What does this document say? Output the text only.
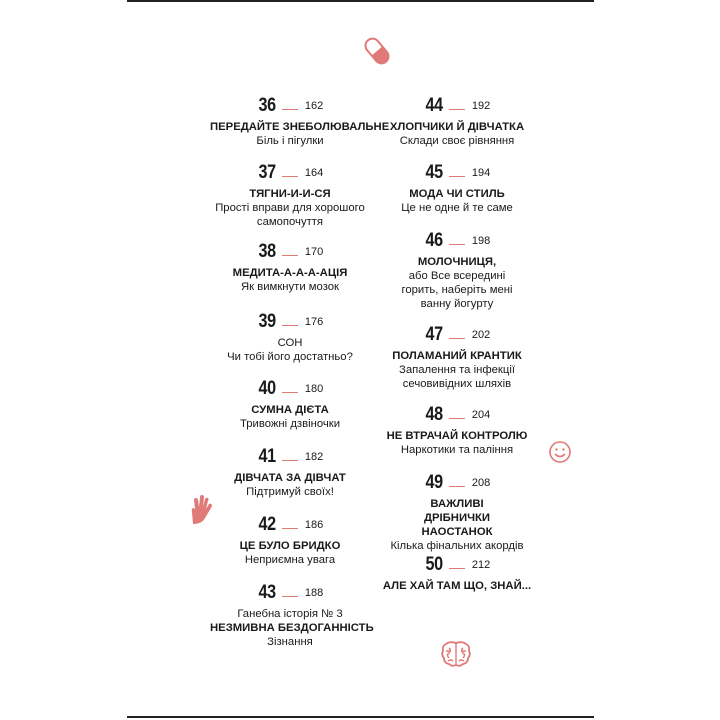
36	162
ПЕРЕДАЙТЕ ЗНЕБОЛЮВАЛЬНЕ
Біль і пігулки
37	164
ТЯГНИ-И-И-СЯ
Прості вправи для хорошого самопочуття
38	170
МЕДИТА-А-А-А-АЦІЯ
Як вимкнути мозок
39	176
СОН
Чи тобі його достатньо?
40	180
СУМНА ДІЄТА
Тривожні дзвіночки
41	182
ДІВЧАТА ЗА ДІВЧАТ
Підтримуй своїх!
42	186
ЦЕ БУЛО БРИДКО
Неприємна увага
43	188
Ганебна історія № 3
НЕЗМИВНА БЕЗДОГАННІСТЬ
Зізнання
44	192
ХЛОПЧИКИ Й ДІВЧАТКА
Склади своє рівняння
45	194
МОДА ЧИ СТИЛЬ
Це не одне й те саме
46	198
МОЛОЧНИЦЯ,
або Все всередині горить, наберіть мені ванну йогурту
47	202
ПОЛАМАНИЙ КРАНТИК
Запалення та інфекції сечовивідних шляхів
48	204
НЕ ВТРАЧАЙ КОНТРОЛЮ
Наркотики та паління
49	208
ВАЖЛИВІ ДРІБНИЧКИ НАОСТАНОК
Кілька фінальних акордів
50	212
АЛЕ ХАЙ ТАМ ЩО, ЗНАЙ...
